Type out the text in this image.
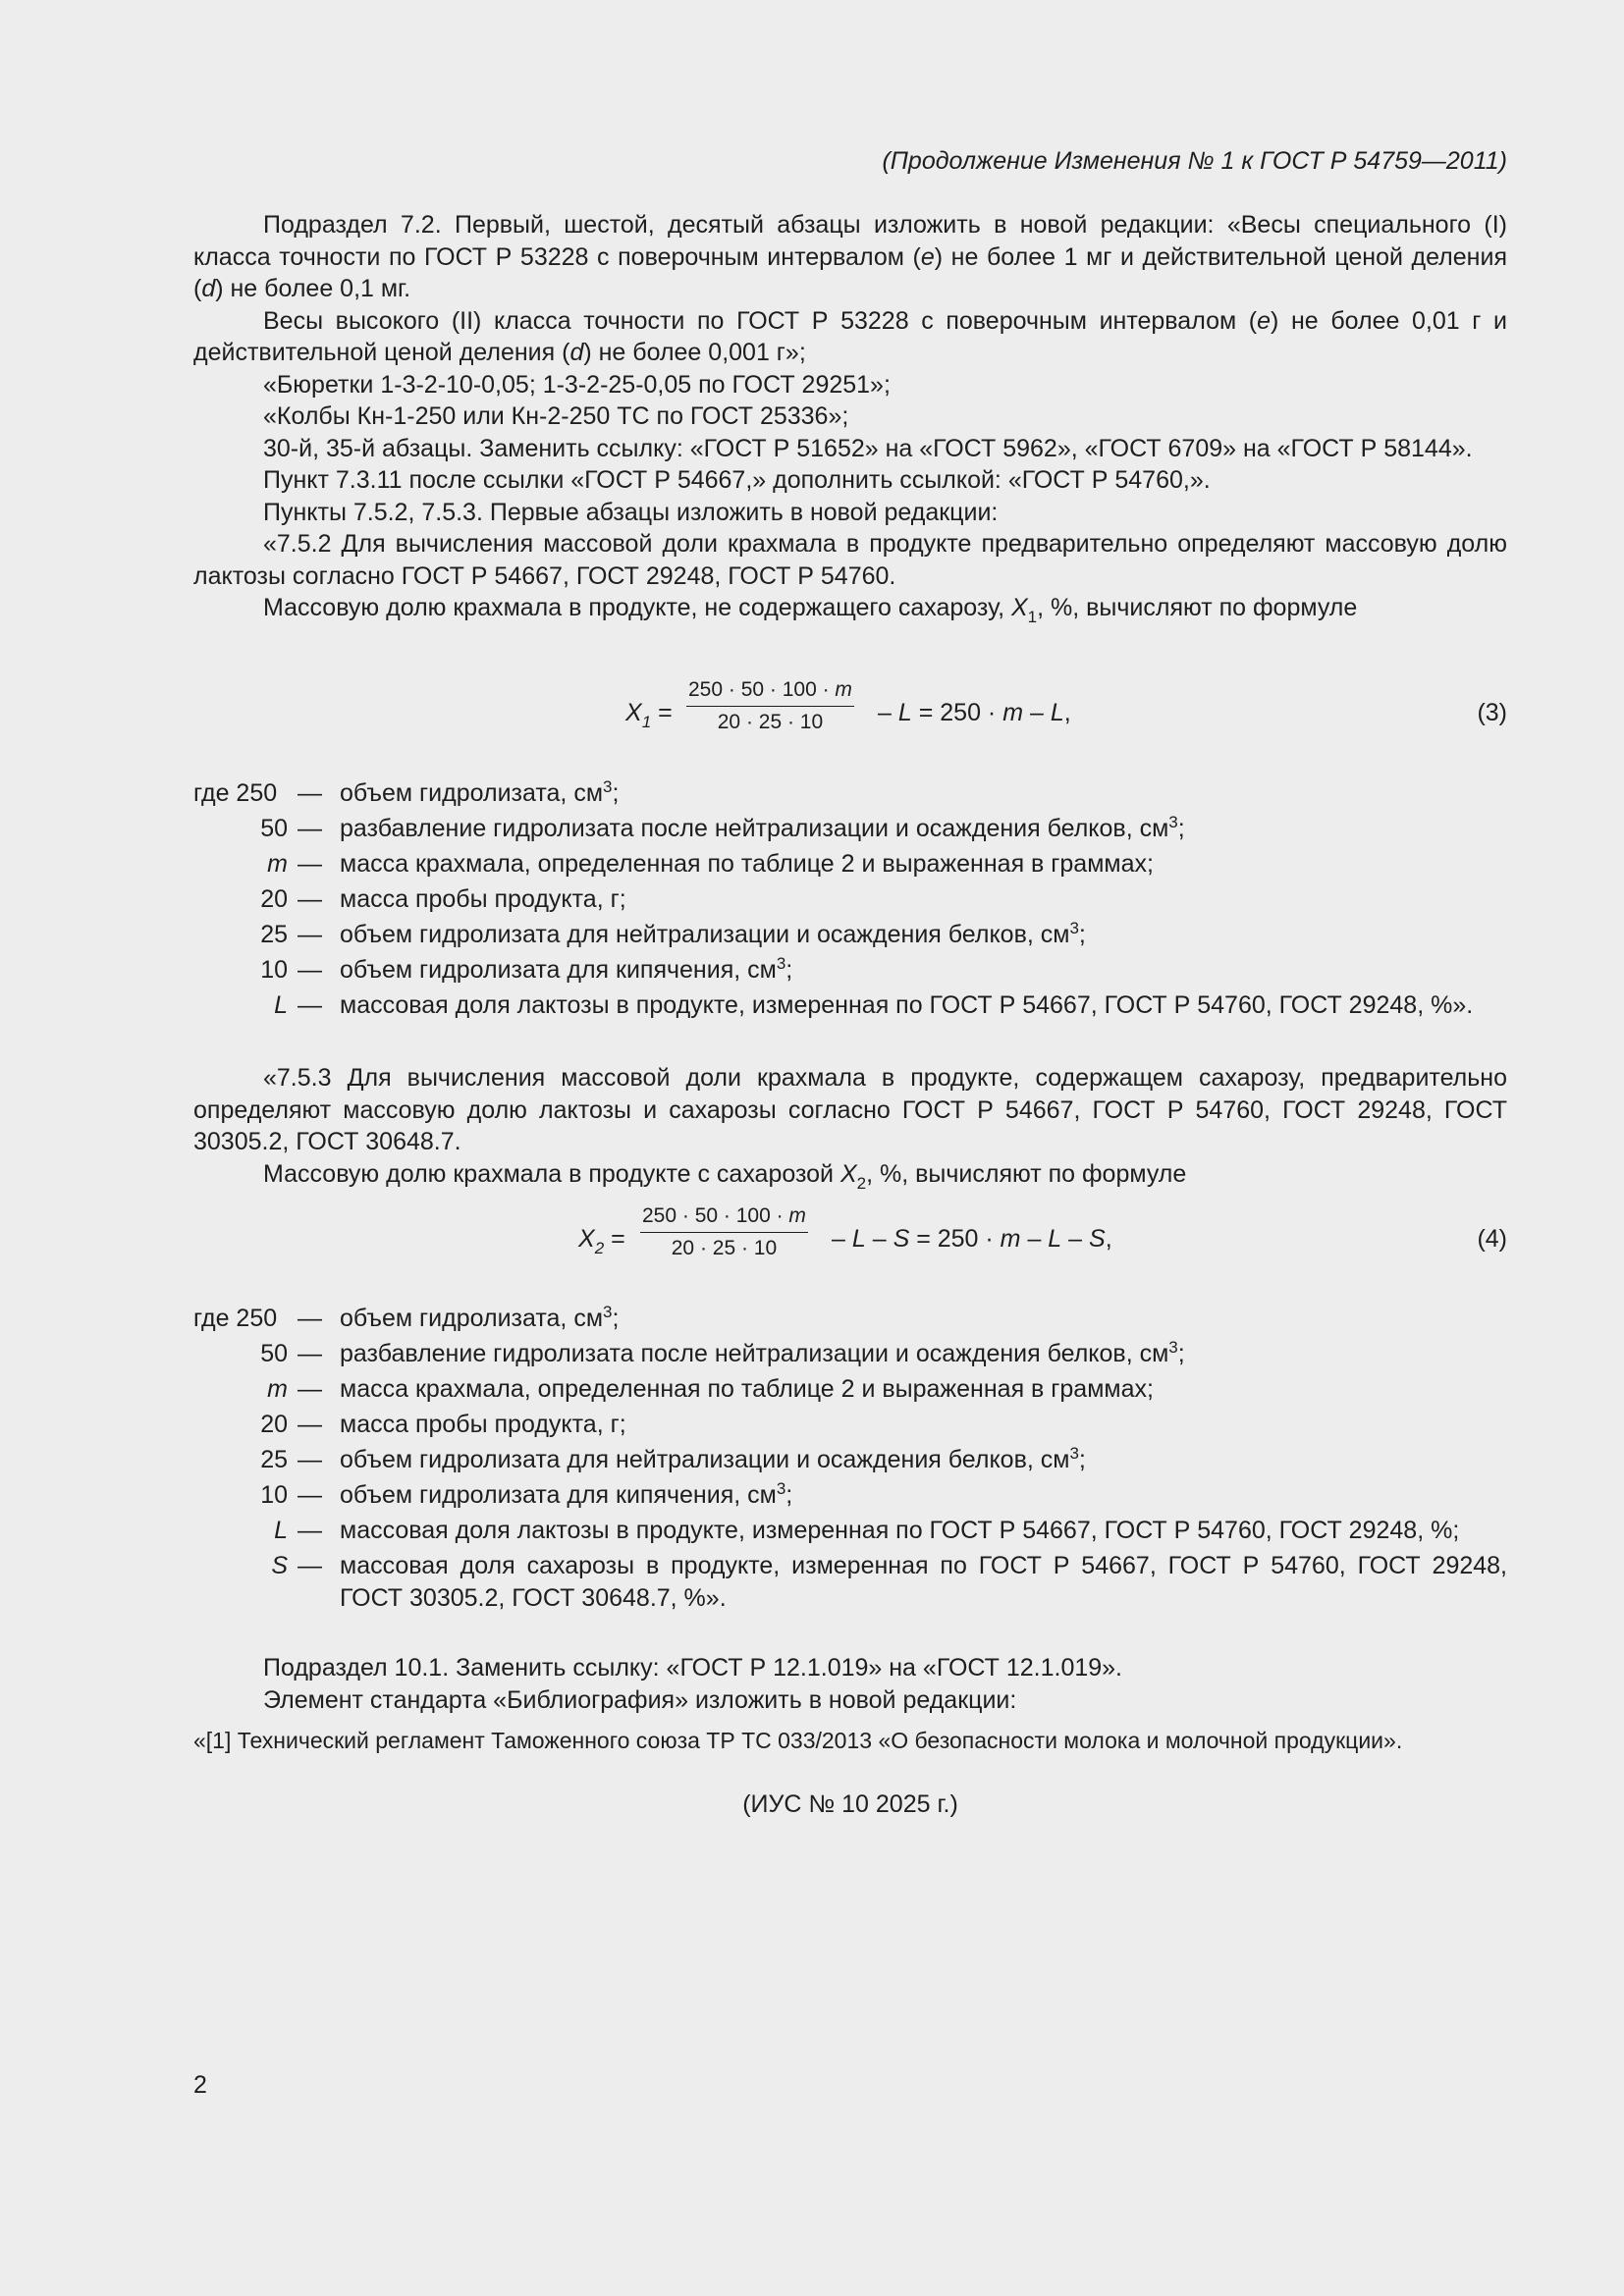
(Продолжение Изменения № 1 к ГОСТ Р 54759—2011)

Подраздел 7.2. Первый, шестой, десятый абзацы изложить в новой редакции: «Весы специального (I) класса точности по ГОСТ Р 53228 с поверочным интервалом (e) не более 1 мг и действительной ценой деления (d) не более 0,1 мг.

Весы высокого (II) класса точности по ГОСТ Р 53228 с поверочным интервалом (e) не более 0,01 г и действительной ценой деления (d) не более 0,001 г»;

«Бюретки 1-3-2-10-0,05; 1-3-2-25-0,05 по ГОСТ 29251»;

«Колбы Кн-1-250 или Кн-2-250 ТС по ГОСТ 25336»;

30-й, 35-й абзацы. Заменить ссылку: «ГОСТ Р 51652» на «ГОСТ 5962», «ГОСТ 6709» на «ГОСТ Р 58144».

Пункт 7.3.11 после ссылки «ГОСТ Р 54667,» дополнить ссылкой: «ГОСТ Р 54760,».

Пункты 7.5.2, 7.5.3. Первые абзацы изложить в новой редакции:

«7.5.2 Для вычисления массовой доли крахмала в продукте предварительно определяют массовую долю лактозы согласно ГОСТ Р 54667, ГОСТ 29248, ГОСТ Р 54760.

Массовую долю крахмала в продукте, не содержащего сахарозу, $X_1$, %, вычисляют по формуле

$X_1 = \frac{250 \cdot 50 \cdot 100 \cdot m}{20 \cdot 25 \cdot 10} - L = 250 \cdot m - L$,	(3)
где 250 — объем гидролизата, $см^3$;
50 — разбавление гидролизата после нейтрализации и осаждения белков, $см^3$;
m — масса крахмала, определенная по таблице 2 и выраженная в граммах;
20 — масса пробы продукта, г;
25 — объем гидролизата для нейтрализации и осаждения белков, $см^3$;
10 — объем гидролизата для кипячения, $см^3$;
L — массовая доля лактозы в продукте, измеренная по ГОСТ Р 54667, ГОСТ Р 54760, ГОСТ 29248, %».

«7.5.3 Для вычисления массовой доли крахмала в продукте, содержащем сахарозу, предварительно определяют массовую долю лактозы и сахарозы согласно ГОСТ Р 54667, ГОСТ Р 54760, ГОСТ 29248, ГОСТ 30305.2, ГОСТ 30648.7.

Массовую долю крахмала в продукте с сахарозой $X_2$, %, вычисляют по формуле

$X_2 = \frac{250 \cdot 50 \cdot 100 \cdot m}{20 \cdot 25 \cdot 10} - L - S = 250 \cdot m - L - S$,	(4)
где 250 — объем гидролизата, $см^3$;
50 — разбавление гидролизата после нейтрализации и осаждения белков, $см^3$;
m — масса крахмала, определенная по таблице 2 и выраженная в граммах;
20 — масса пробы продукта, г;
25 — объем гидролизата для нейтрализации и осаждения белков, $см^3$;
10 — объем гидролизата для кипячения, $см^3$;
L — массовая доля лактозы в продукте, измеренная по ГОСТ Р 54667, ГОСТ Р 54760, ГОСТ 29248, %;
S — массовая доля сахарозы в продукте, измеренная по ГОСТ Р 54667, ГОСТ Р 54760, ГОСТ 29248, ГОСТ 30305.2, ГОСТ 30648.7, %».

Подраздел 10.1. Заменить ссылку: «ГОСТ Р 12.1.019» на «ГОСТ 12.1.019».

Элемент стандарта «Библиография» изложить в новой редакции:

«[1] Технический регламент Таможенного союза ТР ТС 033/2013 «О безопасности молока и молочной продукции».
(ИУС № 10 2025 г.)
2
